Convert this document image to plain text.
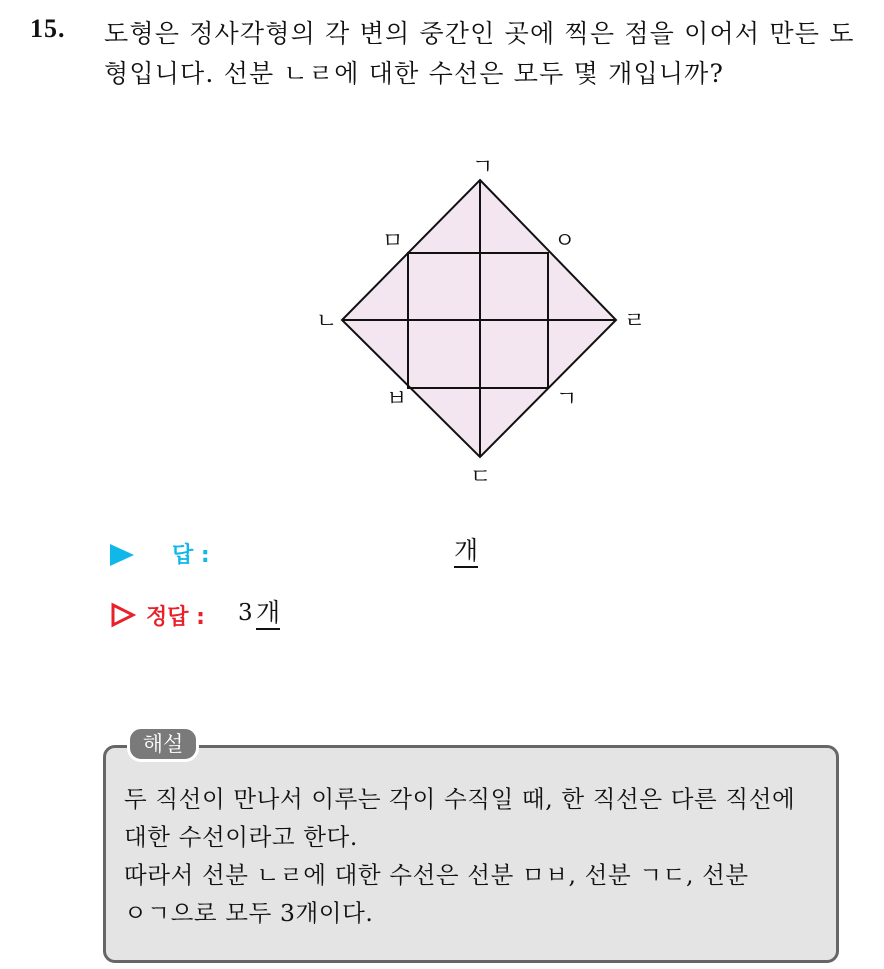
15. 도형은 정사각형의 각 변의 중간인 곳에 찍은 점을 이어서 만든 도형입니다. 선분 ㄴㄹ에 대한 수선은 모두 몇 개입니까?

ㄱ
ㄴ
ㄷ
ㄹ
ㅁ
ㅂ
ㅇ
ㄱ
답 :	개
정답 : 3 개
해설

두 직선이 만나서 이루는 각이 수직일 때, 한 직선은 다른 직선에

대한 수선이라고 한다.

따라서 선분 ㄴㄹ에 대한 수선은 선분 ㅁㅂ, 선분 ㄱㄷ, 선분

ㅇㄱ으로 모두 3개이다.
